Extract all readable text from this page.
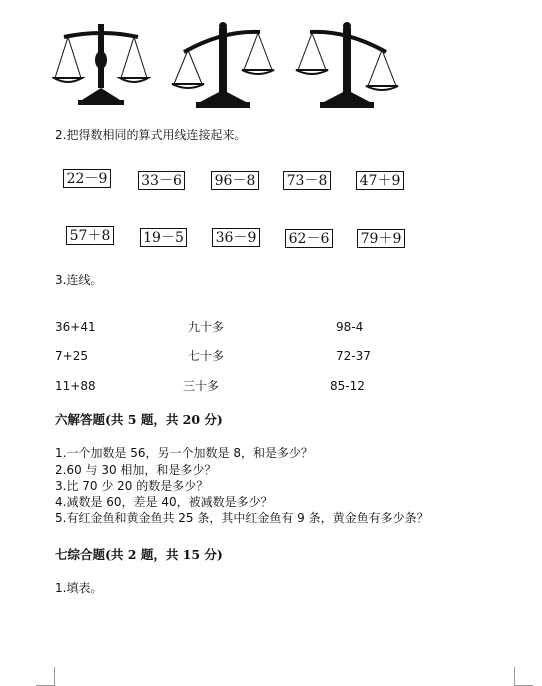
2.把得数相同的算式用线连接起来。
22－9 33－6 96－8 73－8 47＋9
57＋8 19－5 36－9 62－6 79＋9
3.连线。
36+41	九十多	98-4
7+25	七十多	72-37
11+88	三十多	85-12
六解答题(共 5 题，共 20 分)
1.一个加数是 56，另一个加数是 8，和是多少？
2.60 与 30 相加，和是多少？
3.比 70 少 20 的数是多少？
4.减数是 60，差是 40，被减数是多少？
5.有红金鱼和黄金鱼共 25 条，其中红金鱼有 9 条，黄金鱼有多少条？
七综合题(共 2 题，共 15 分)
1.填表。
